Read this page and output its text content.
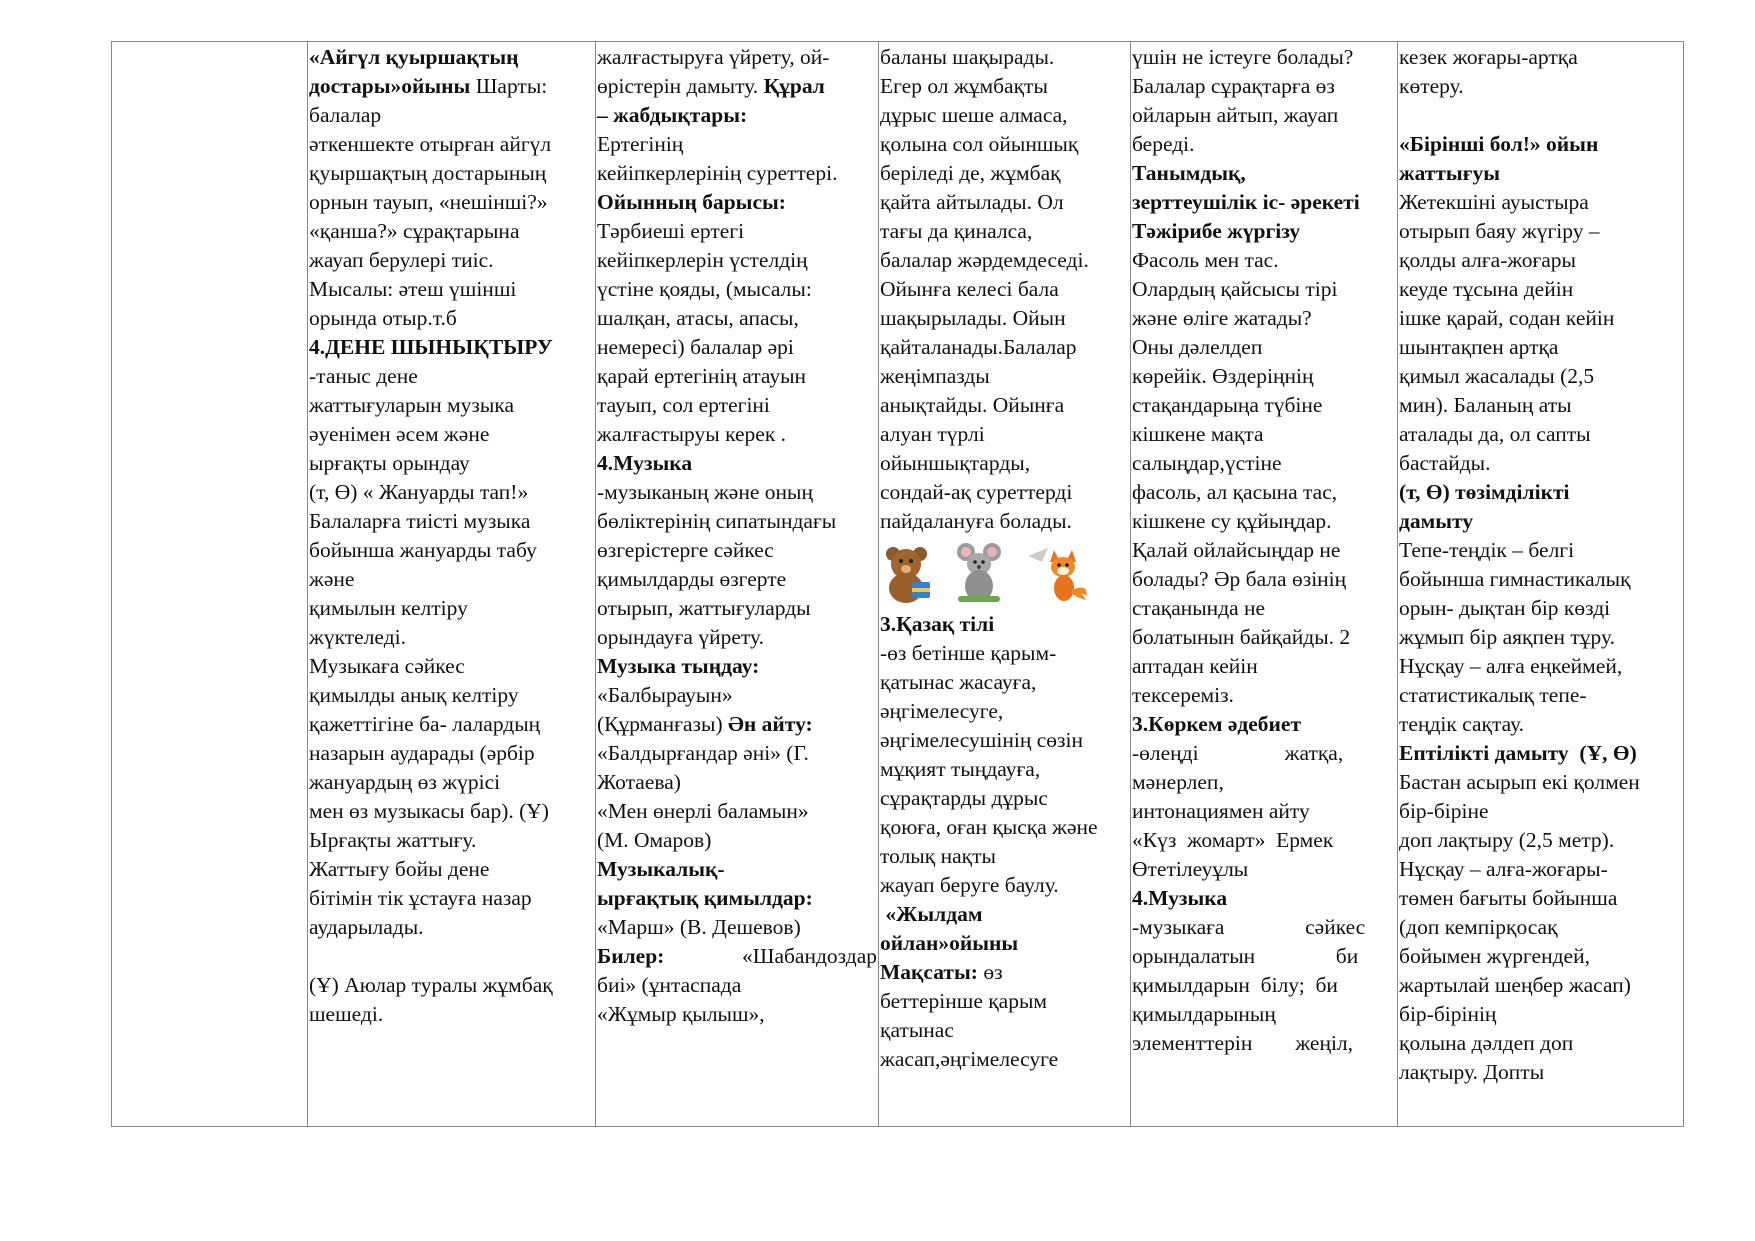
«Айгүл қуыршақтың
достары»ойыны Шарты:
балалар
әткеншекте отырған айгүл
қуыршақтың достарының
орнын тауып, «нешінші?»
«қанша?» сұрақтарына
жауап берулері тиіс.
Мысалы: әтеш үшінші
орында отыр.т.б
4.ДЕНЕ ШЫНЫҚТЫРУ
-таныс дене
жаттығуларын музыка
әуенімен әсем және
ырғақты орындау
(т, Ө) « Жануарды тап!»
Балаларға тиісті музыка
бойынша жануарды табу
және
қимылын келтіру
жүктеледі.
Музыкаға сәйкес
қимылды анық келтіру
қажеттігіне ба- лалардың
назарын аударады (әрбір
жануардың өз жүрісі
мен өз музыкасы бар). (Ұ)
Ырғақты жаттығу.
Жаттығу бойы дене
бітімін тік ұстауға назар
аударылады.

(Ұ) Аюлар туралы жұмбақ
шешеді.
жалғастыруға үйрету, ой-
өрістерін дамыту. Құрал
– жабдықтары:
Ертегінің
кейіпкерлерінің суреттері.
Ойынның барысы:
Тәрбиеші ертегі
кейіпкерлерін үстелдің
үстіне қояды, (мысалы:
шалқан, атасы, апасы,
немересі) балалар әрі
қарай ертегінің атауын
тауып, сол ертегіні
жалғастыруы керек .
4.Музыка
-музыканың және оның
бөліктерінің сипатындағы
өзгерістерге сәйкес
қимылдарды өзгерте
отырып, жаттығуларды
орындауға үйрету.
Музыка тыңдау:
«Балбырауын»
(Құрманғазы) Ән айту:
«Балдырғандар әні» (Г.
Жотаева)
«Мен өнерлі баламын»
(М. Омаров)
Музыкалық-
ырғақтық қимылдар:
«Марш» (В. Дешевов)
Билер:	«Шабандоздар
биі» (ұнтаспада
«Жұмыр қылыш»,
баланы шақырады.
Егер ол жұмбақты
дұрыс шеше алмаса,
қолына сол ойыншық
беріледі де, жұмбақ
қайта айтылады. Ол
тағы да қиналса,
балалар жәрдемдеседі.
Ойынға келесі бала
шақырылады. Ойын
қайталанады.Балалар
жеңімпазды
анықтайды. Ойынға
алуан түрлі
ойыншықтарды,
сондай-ақ суреттерді
пайдалануға болады.
3.Қазақ тілі
-өз бетінше қарым-
қатынас жасауға,
әңгімелесуге,
әңгімелесушінің сөзін
мұқият тыңдауға,
сұрақтарды дұрыс
қоюға, оған қысқа және
толық нақты
жауап беруге баулу.
«Жылдам
ойлан»ойыны
Мақсаты: өз
беттерінше қарым
қатынас
жасап,әңгімелесуге
үшін не істеуге болады?
Балалар сұрақтарға өз
ойларын айтып, жауап
береді.
Танымдық,
зерттеушілік іс- әрекеті
Тәжірибе жүргізу
Фасоль мен тас.
Олардың қайсысы тірі
және өліге жатады?
Оны дәлелдеп
көрейік. Өздеріңнің
стақандарыңа түбіне
кішкене мақта
салыңдар,үстіне
фасоль, ал қасына тас,
кішкене су құйыңдар.
Қалай ойлайсыңдар не
болады? Әр бала өзінің
стақанында не
болатынын байқайды. 2
аптадан кейін
тексереміз.
3.Көркем әдебиет
-өлеңді                жатқа,
мәнерлеп,
интонациямен айту
«Күз  жомарт»  Ермек
Өтетілеуұлы
4.Музыка
-музыкаға               сәйкес
орындалатын               би
қимылдарын  білу;  би
қимылдарының
элементтерін        жеңіл,
кезек жоғары-артқа
көтеру.

«Бірінші бол!» ойын
жаттығуы
Жетекшіні ауыстыра
отырып баяу жүгіру –
қолды алға-жоғары
кеуде тұсына дейін
ішке қарай, содан кейін
шынтақпен артқа
қимыл жасалады (2,5
мин). Баланың аты
аталады да, ол сапты
бастайды.
(т, Ө) төзімділікті
дамыту
Тепе-теңдік – белгі
бойынша гимнастикалық
орын- дықтан бір көзді
жұмып бір аяқпен тұру.
Нұсқау – алға еңкеймей,
статистикалық тепе-
теңдік сақтау.
Ептілікті дамыту  (Ұ, Ө)
Бастан асырып екі қолмен
бір-біріне
доп лақтыру (2,5 метр).
Нұсқау – алға-жоғары-
төмен бағыты бойынша
(доп кемпірқосақ
бойымен жүргендей,
жартылай шеңбер жасап)
бір-бірінің
қолына дәлдеп доп
лақтыру. Допты
